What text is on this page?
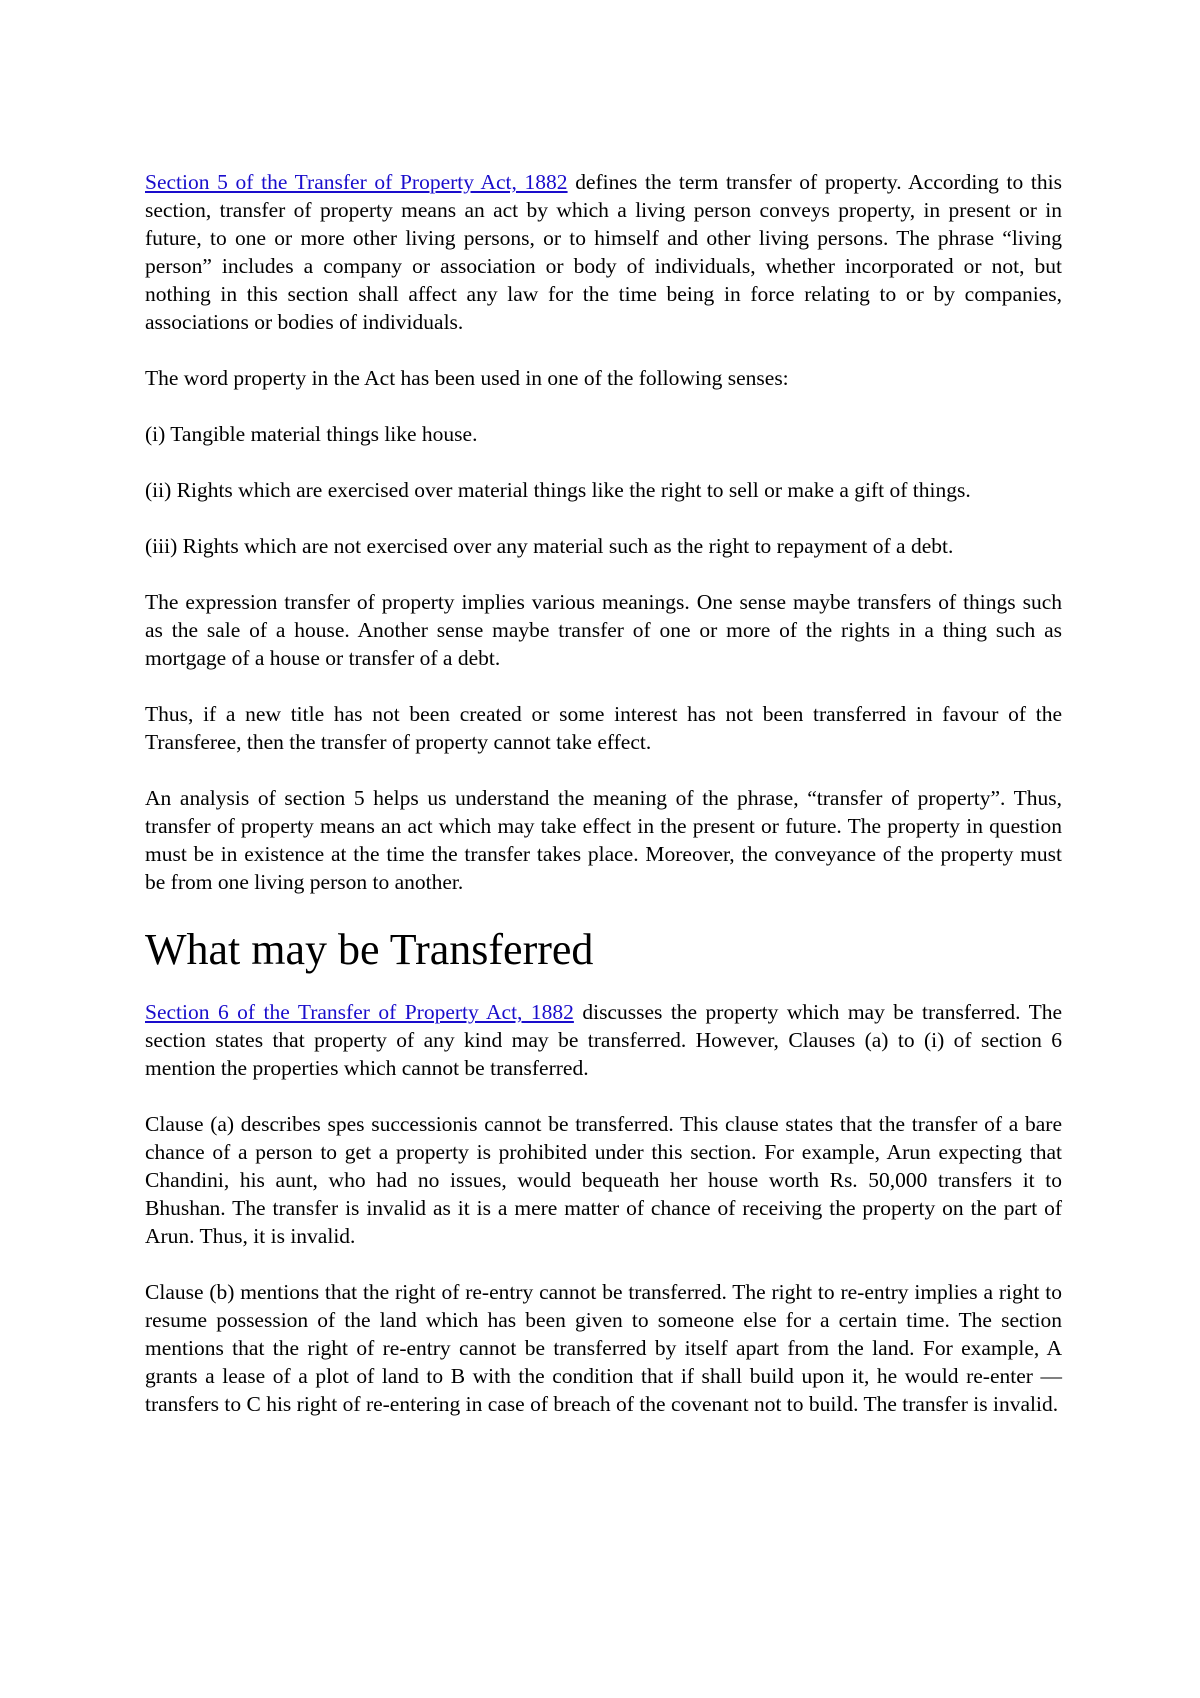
Section 5 of the Transfer of Property Act, 1882 defines the term transfer of property. According to this section, transfer of property means an act by which a living person conveys property, in present or in future, to one or more other living persons, or to himself and other living persons. The phrase “living person” includes a company or association or body of individuals, whether incorporated or not, but nothing in this section shall affect any law for the time being in force relating to or by companies, associations or bodies of individuals.

The word property in the Act has been used in one of the following senses:

(i) Tangible material things like house.

(ii) Rights which are exercised over material things like the right to sell or make a gift of things.

(iii) Rights which are not exercised over any material such as the right to repayment of a debt.

The expression transfer of property implies various meanings. One sense maybe transfers of things such as the sale of a house. Another sense maybe transfer of one or more of the rights in a thing such as mortgage of a house or transfer of a debt.

Thus, if a new title has not been created or some interest has not been transferred in favour of the Transferee, then the transfer of property cannot take effect.

An analysis of section 5 helps us understand the meaning of the phrase, “transfer of property”. Thus, transfer of property means an act which may take effect in the present or future. The property in question must be in existence at the time the transfer takes place. Moreover, the conveyance of the property must be from one living person to another.

What may be Transferred

Section 6 of the Transfer of Property Act, 1882 discusses the property which may be transferred. The section states that property of any kind may be transferred. However, Clauses (a) to (i) of section 6 mention the properties which cannot be transferred.

Clause (a) describes spes successionis cannot be transferred. This clause states that the transfer of a bare chance of a person to get a property is prohibited under this section. For example, Arun expecting that Chandini, his aunt, who had no issues, would bequeath her house worth Rs. 50,000 transfers it to Bhushan. The transfer is invalid as it is a mere matter of chance of receiving the property on the part of Arun. Thus, it is invalid.

Clause (b) mentions that the right of re-entry cannot be transferred. The right to re-entry implies a right to resume possession of the land which has been given to someone else for a certain time. The section mentions that the right of re-entry cannot be transferred by itself apart from the land. For example, A grants a lease of a plot of land to B with the condition that if shall build upon it, he would re-enter — transfers to C his right of re-entering in case of breach of the covenant not to build. The transfer is invalid.
